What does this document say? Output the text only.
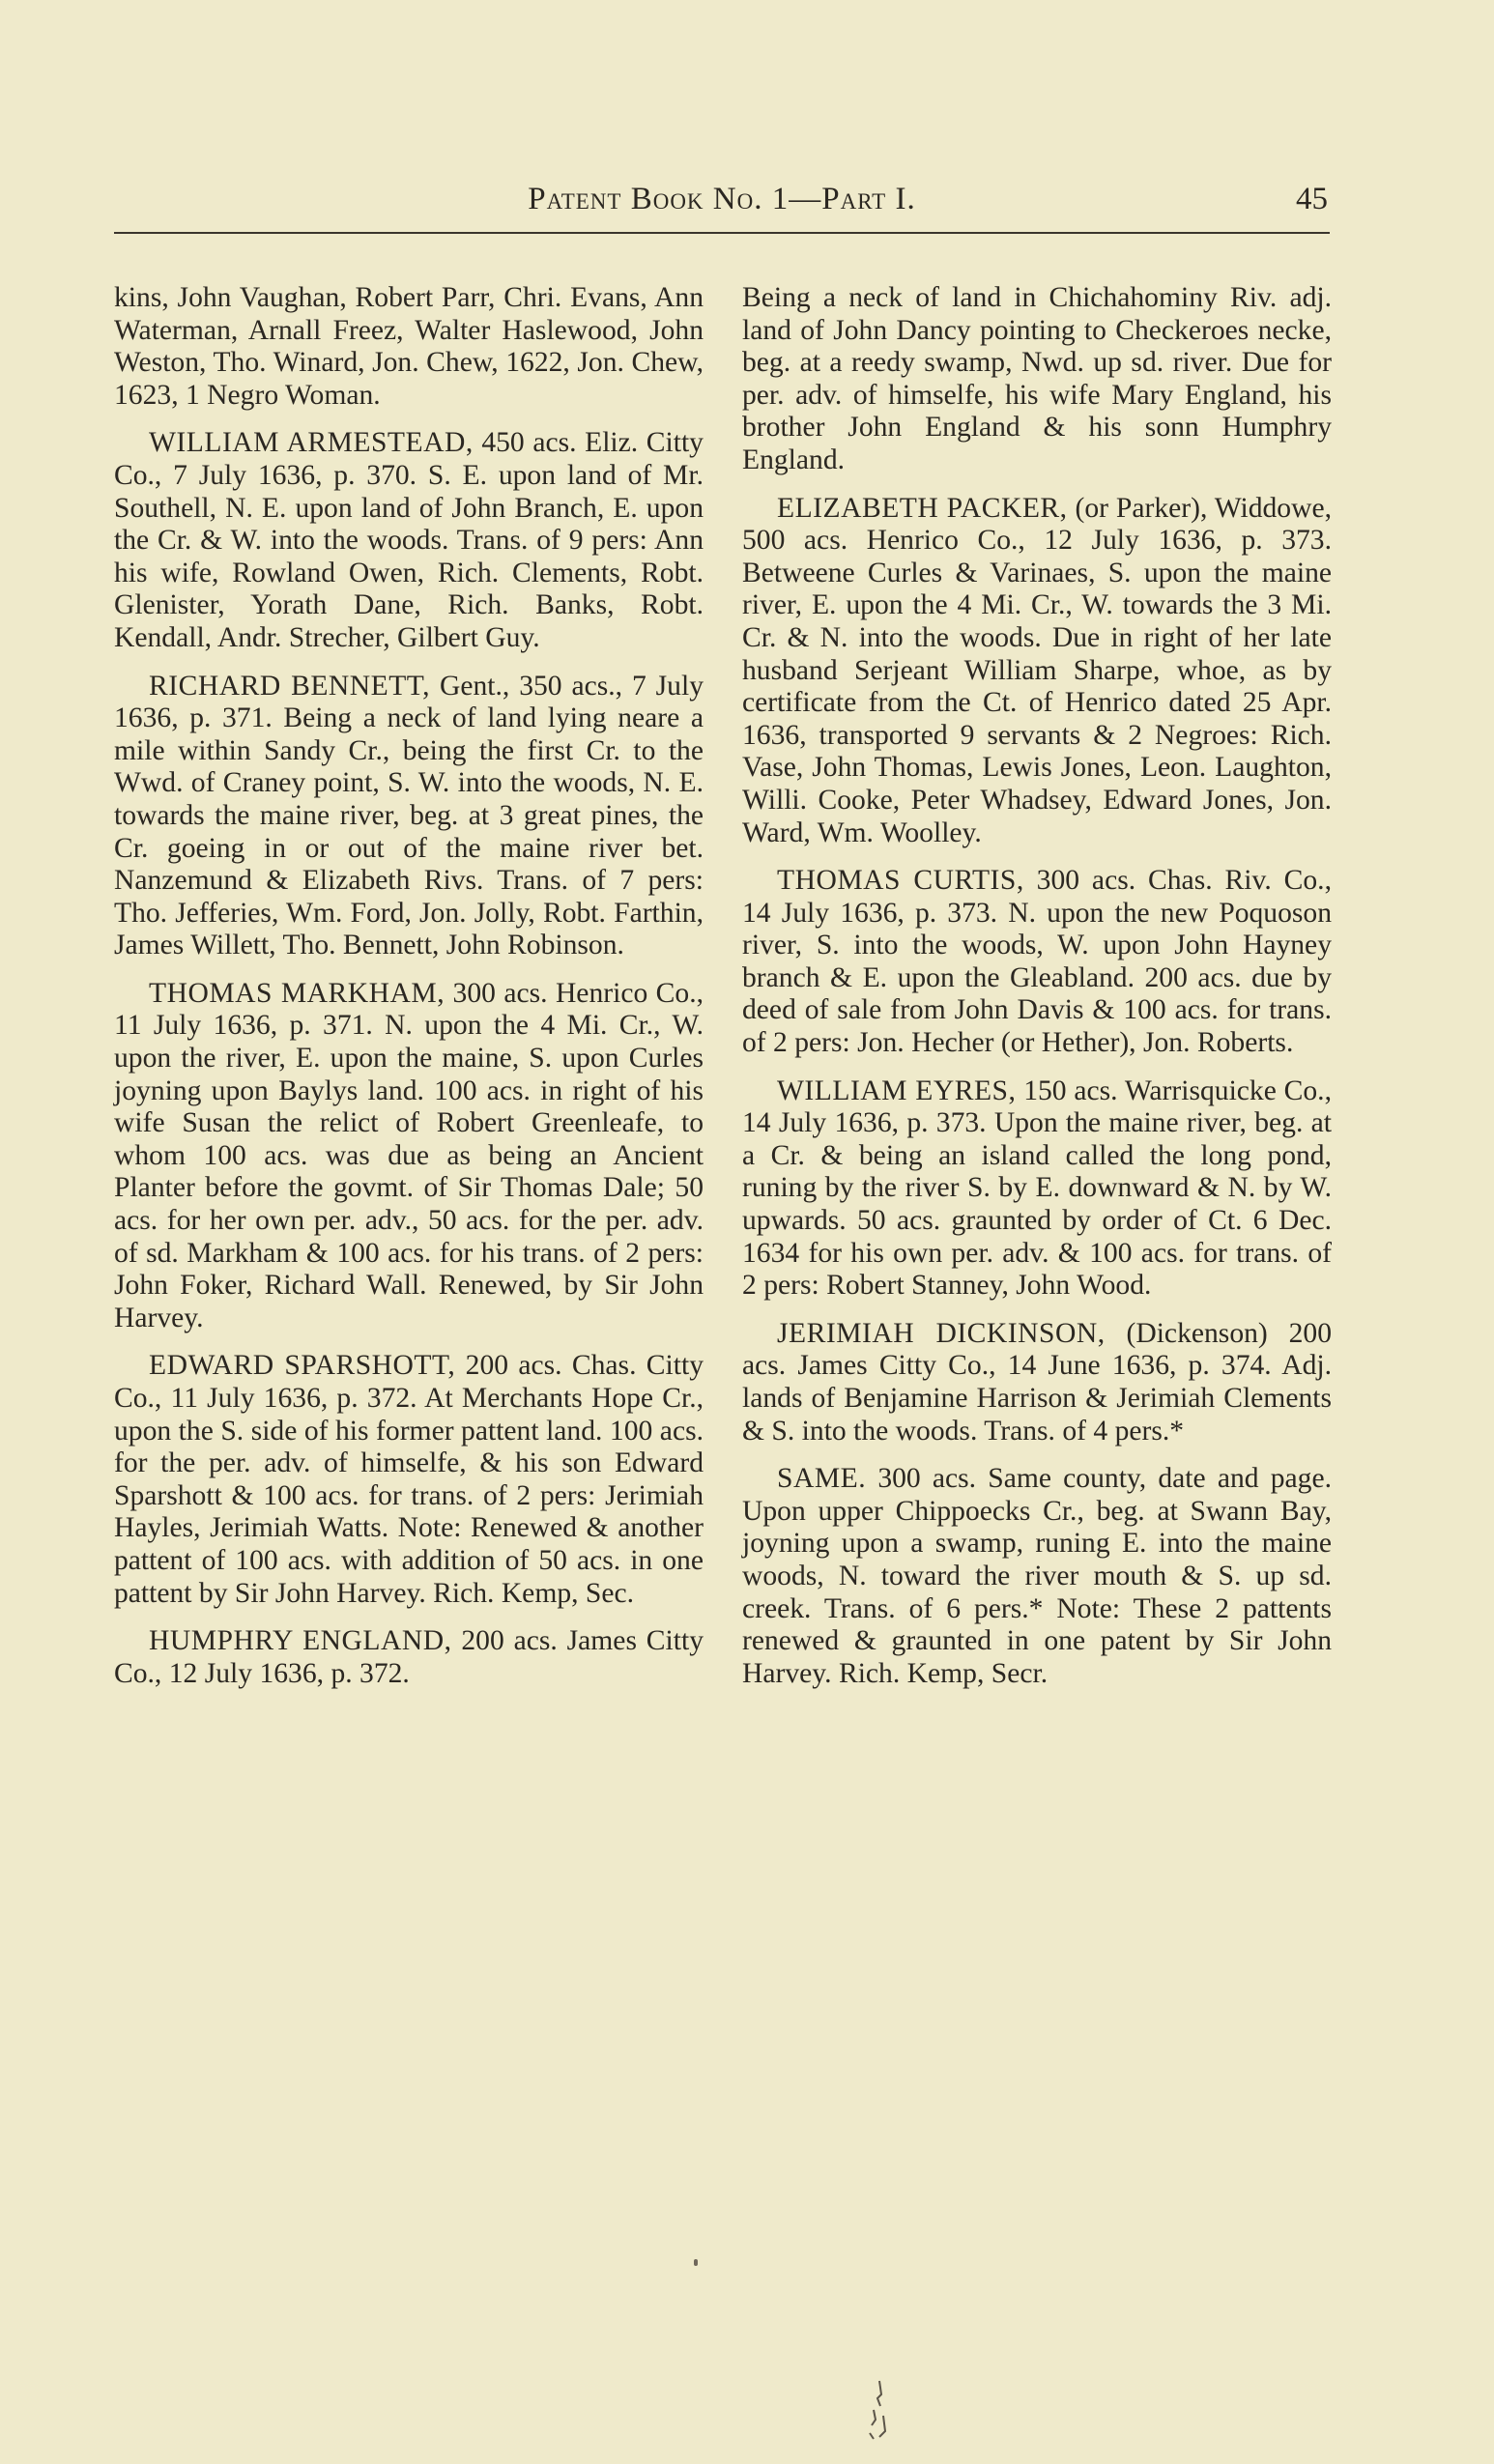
Patent Book No. 1—Part I.	45

kins, John Vaughan, Robert Parr, Chri. Evans, Ann Waterman, Arnall Freez, Walter Haslewood, John Weston, Tho. Winard, Jon. Chew, 1622, Jon. Chew, 1623, 1 Negro Woman.

WILLIAM ARMESTEAD, 450 acs. Eliz. Citty Co., 7 July 1636, p. 370. S. E. upon land of Mr. Southell, N. E. upon land of John Branch, E. upon the Cr. & W. into the woods. Trans. of 9 pers: Ann his wife, Rowland Owen, Rich. Clements, Robt. Glenister, Yorath Dane, Rich. Banks, Robt. Kendall, Andr. Strecher, Gilbert Guy.

RICHARD BENNETT, Gent., 350 acs., 7 July 1636, p. 371. Being a neck of land lying neare a mile within Sandy Cr., being the first Cr. to the Wwd. of Craney point, S. W. into the woods, N. E. towards the maine river, beg. at 3 great pines, the Cr. goeing in or out of the maine river bet. Nanzemund & Elizabeth Rivs. Trans. of 7 pers: Tho. Jefferies, Wm. Ford, Jon. Jolly, Robt. Farthin, James Willett, Tho. Bennett, John Robinson.

THOMAS MARKHAM, 300 acs. Henrico Co., 11 July 1636, p. 371. N. upon the 4 Mi. Cr., W. upon the river, E. upon the maine, S. upon Curles joyning upon Baylys land. 100 acs. in right of his wife Susan the relict of Robert Greenleafe, to whom 100 acs. was due as being an Ancient Planter before the govmt. of Sir Thomas Dale; 50 acs. for her own per. adv., 50 acs. for the per. adv. of sd. Markham & 100 acs. for his trans. of 2 pers: John Foker, Richard Wall. Renewed, by Sir John Harvey.

EDWARD SPARSHOTT, 200 acs. Chas. Citty Co., 11 July 1636, p. 372. At Merchants Hope Cr., upon the S. side of his former pattent land. 100 acs. for the per. adv. of himselfe, & his son Edward Sparshott & 100 acs. for trans. of 2 pers: Jerimiah Hayles, Jerimiah Watts. Note: Renewed & another pattent of 100 acs. with addition of 50 acs. in one pattent by Sir John Harvey. Rich. Kemp, Sec.

HUMPHRY ENGLAND, 200 acs. James Citty Co., 12 July 1636, p. 372.

Being a neck of land in Chichahominy Riv. adj. land of John Dancy pointing to Checkeroes necke, beg. at a reedy swamp, Nwd. up sd. river. Due for per. adv. of himselfe, his wife Mary England, his brother John England & his sonn Humphry England.

ELIZABETH PACKER, (or Parker), Widdowe, 500 acs. Henrico Co., 12 July 1636, p. 373. Betweene Curles & Varinaes, S. upon the maine river, E. upon the 4 Mi. Cr., W. towards the 3 Mi. Cr. & N. into the woods. Due in right of her late husband Serjeant William Sharpe, whoe, as by certificate from the Ct. of Henrico dated 25 Apr. 1636, transported 9 servants & 2 Negroes: Rich. Vase, John Thomas, Lewis Jones, Leon. Laughton, Willi. Cooke, Peter Whadsey, Edward Jones, Jon. Ward, Wm. Woolley.

THOMAS CURTIS, 300 acs. Chas. Riv. Co., 14 July 1636, p. 373. N. upon the new Poquoson river, S. into the woods, W. upon John Hayney branch & E. upon the Gleabland. 200 acs. due by deed of sale from John Davis & 100 acs. for trans. of 2 pers: Jon. Hecher (or Hether), Jon. Roberts.

WILLIAM EYRES, 150 acs. Warrisquicke Co., 14 July 1636, p. 373. Upon the maine river, beg. at a Cr. & being an island called the long pond, runing by the river S. by E. downward & N. by W. upwards. 50 acs. graunted by order of Ct. 6 Dec. 1634 for his own per. adv. & 100 acs. for trans. of 2 pers: Robert Stanney, John Wood.

JERIMIAH DICKINSON, (Dickenson) 200 acs. James Citty Co., 14 June 1636, p. 374. Adj. lands of Benjamine Harrison & Jerimiah Clements & S. into the woods. Trans. of 4 pers.*

SAME. 300 acs. Same county, date and page. Upon upper Chippoecks Cr., beg. at Swann Bay, joyning upon a swamp, runing E. into the maine woods, N. toward the river mouth & S. up sd. creek. Trans. of 6 pers.* Note: These 2 pattents renewed & graunted in one patent by Sir John Harvey. Rich. Kemp, Secr.
